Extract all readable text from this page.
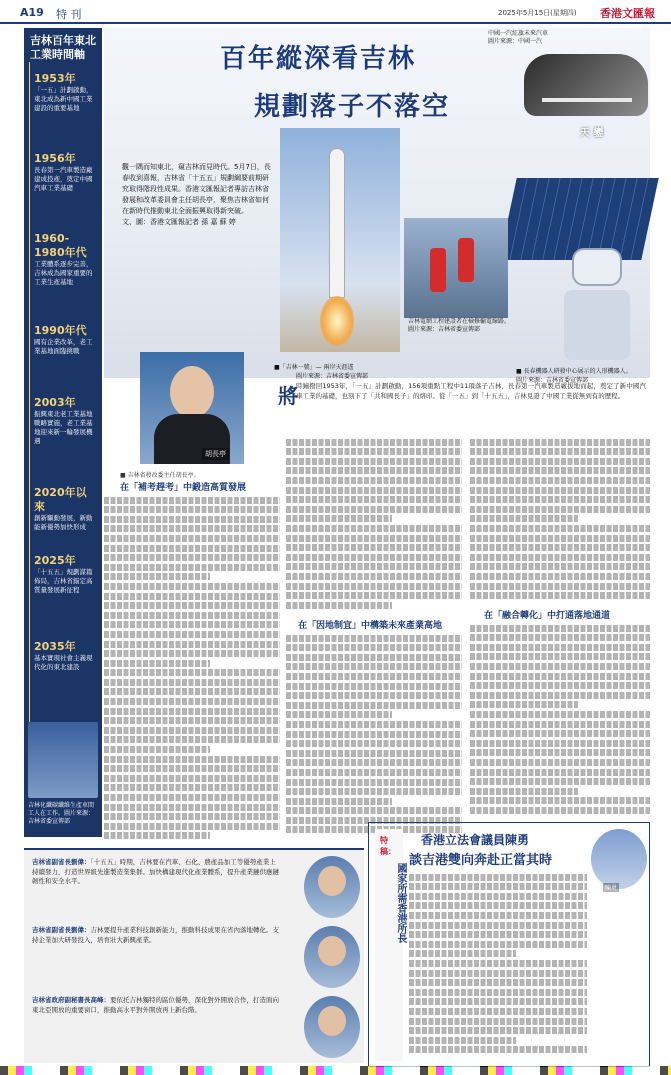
A19 特 刊	2025年5月15日(星期四) 香港文匯報
吉林百年東北工業時間軸
1953年
「一五」計劃啟動，東北成為新中國工業建設的重要基地
1956年
長春第一汽車製造廠建成投產，奠定中國汽車工業基礎
1960-1980年代
工業體系逐步完善，吉林成為國家重要的工業生產基地
1990年代
國有企業改革，老工業基地面臨挑戰
2003年
振興東北老工業基地戰略實施，老工業基地迎來新一輪發展機遇
2020年以來
創新驅動發展，新動能新優勢加快形成
2025年
「十五五」規劃謀篇佈局，吉林省錨定高質量發展新征程
2035年
基本實現社會主義現代化的東北建設
吉林化纖碳纖維生產車間工人在工作。圖片來源：吉林省委宣傳部
百年縱深看吉林
規劃落子不落空
中國一汽紅旗未來汽車
圖片來源：中國一汽
天 鑾
觀一隅而知東北，窺吉林而見時代。5月7日，長春收到喜報，吉林省「十五五」規劃綱要前期研究取得階段性成果。香港文匯報記者專訪吉林省發展和改革委員會主任胡長亭，聚焦吉林省如何在新時代推動東北全面振興取得新突破。
文、圖：香港文匯報記者 孫 嘉 蘇 婷
吉林電網工程建設者在檢修輸電線路。
圖片來源：吉林省委宣傳部
■ 長春機器人研發中心展示的人形機器人。
圖片來源：吉林省委宣傳部
胡長亭
■ 吉林省發改委主任胡長亭。
■「吉林一號」— 兩岸天涯遙
圖片來源：吉林省委宣傳部
將
時鐘撥回1953年，「一五」計劃啟動，156項重點工程中11項落子吉林，長春第一汽車製造廠拔地而起，奠定了新中國汽車工業的基礎，也刻下了「共和國長子」的烙印。從「一五」到「十五五」，吉林見證了中國工業從無到有的歷程。
在「補考趕考」中鍛造高質發展
在「因地制宜」中構築未來產業高地
在「融合轉化」中打通落地通道
吉林省副省長劉偉：「十五五」時期，吉林要在汽車、石化、農產品加工等優勢產業上持續發力，打造世界級先進製造業集群。加快構建現代化產業體系，提升產業鏈供應鏈韌性和安全水平。
吉林省副省長劉偉：吉林要提升產業科技創新能力，推動科技成果在省內落地轉化。支持企業加大研發投入，培育壯大新興產業。
吉林省政府副秘書長高峰：要依托吉林獨特的區位優勢，深化對外開放合作，打造面向東北亞開放的重要窗口，推動高水平對外開放再上新台階。
特 稿：
國家所需香港所長
香港立法會議員陳勇
談吉港雙向奔赴正當其時
陳勇
